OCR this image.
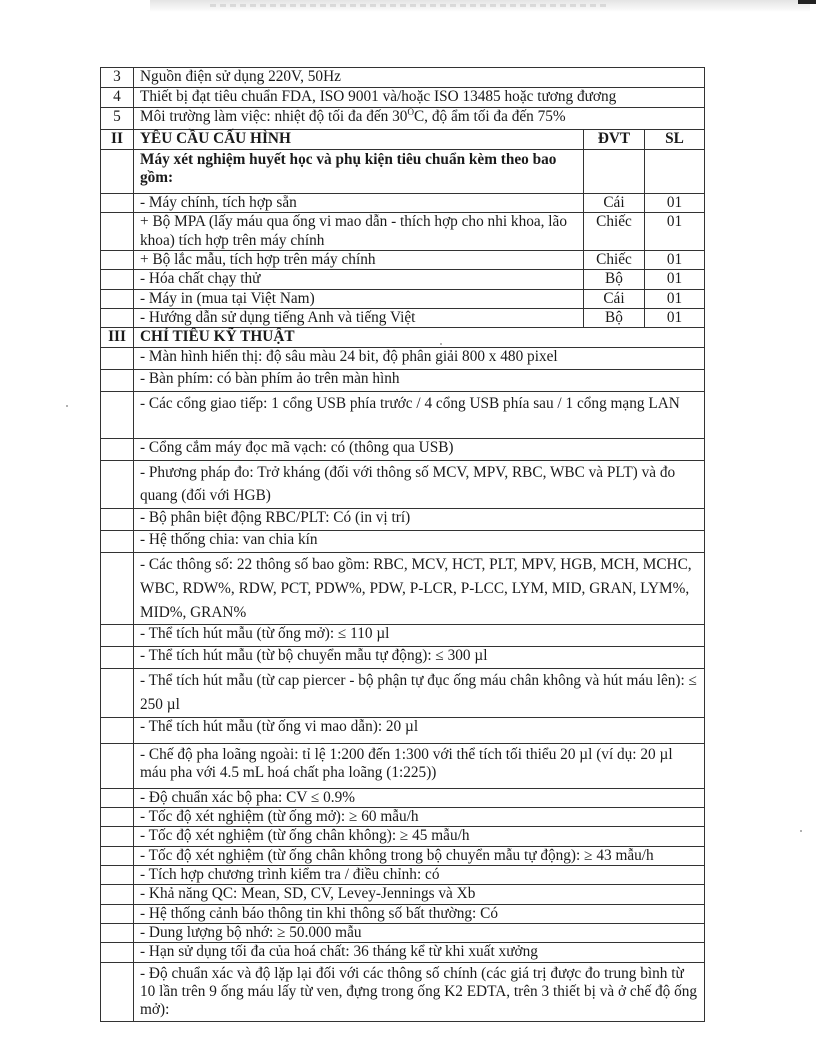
3	Nguồn điện sử dụng 220V, 50Hz		
4	Thiết bị đạt tiêu chuẩn FDA, ISO 9001 và/hoặc ISO 13485 hoặc tương đương		
5	Môi trường làm việc: nhiệt độ tối đa đến $30^OC$, độ ẩm tối đa đến 75%		
II	YÊU CẦU CẤU HÌNH	ĐVT	SL
	Máy xét nghiệm huyết học và phụ kiện tiêu chuẩn kèm theo bao gồm:		
	- Máy chính, tích hợp sẵn	Cái	01
	+ Bộ MPA (lấy máu qua ống vi mao dẫn - thích hợp cho nhi khoa, lão khoa) tích hợp trên máy chính	Chiếc	01
	+ Bộ lắc mẫu, tích hợp trên máy chính	Chiếc	01
	- Hóa chất chạy thử	Bộ	01
	- Máy in (mua tại Việt Nam)	Cái	01
	- Hướng dẫn sử dụng tiếng Anh và tiếng Việt	Bộ	01
III	CHỈ TIÊU KỸ THUẬT		
	- Màn hình hiển thị: độ sâu màu 24 bit, độ phân giải 800 x 480 pixel		
	- Bàn phím: có bàn phím ảo trên màn hình		
	- Các cổng giao tiếp: 1 cổng USB phía trước / 4 cổng USB phía sau / 1 cổng mạng LAN		
	- Cổng cắm máy đọc mã vạch: có (thông qua USB)		
	- Phương pháp đo: Trở kháng (đối với thông số MCV, MPV, RBC, WBC và PLT) và đo quang (đối với HGB)		
	- Bộ phân biệt động RBC/PLT: Có (in vị trí)		
	- Hệ thống chia: van chia kín		
	- Các thông số: 22 thông số bao gồm: RBC, MCV, HCT, PLT, MPV, HGB, MCH, MCHC, WBC, RDW%, RDW, PCT, PDW%, PDW, P-LCR, P-LCC, LYM, MID, GRAN, LYM%, MID%, GRAN%		
	- Thể tích hút mẫu (từ ống mở): ≤ 110 µl		
	- Thể tích hút mẫu (từ bộ chuyển mẫu tự động): ≤ 300 µl		
	- Thể tích hút mẫu (từ cap piercer - bộ phận tự đục ống máu chân không và hút máu lên): ≤ 250 µl		
	- Thể tích hút mẫu (từ ống vi mao dẫn): 20 µl		
	- Chế độ pha loãng ngoài: tỉ lệ 1:200 đến 1:300 với thể tích tối thiểu 20 µl (ví dụ: 20 µl máu pha với 4.5 mL hoá chất pha loãng (1:225))		
	- Độ chuẩn xác bộ pha: CV ≤ 0.9%		
	- Tốc độ xét nghiệm (từ ống mở): ≥ 60 mẫu/h		
	- Tốc độ xét nghiệm (từ ống chân không): ≥ 45 mẫu/h		
	- Tốc độ xét nghiệm (từ ống chân không trong bộ chuyển mẫu tự động): ≥ 43 mẫu/h		
	- Tích hợp chương trình kiểm tra / điều chỉnh: có		
	- Khả năng QC: Mean, SD, CV, Levey-Jennings và Xb		
	- Hệ thống cảnh báo thông tin khi thông số bất thường: Có		
	- Dung lượng bộ nhớ: ≥ 50.000 mẫu		
	- Hạn sử dụng tối đa của hoá chất: 36 tháng kể từ khi xuất xưởng		
	- Độ chuẩn xác và độ lặp lại đối với các thông số chính (các giá trị được đo trung bình từ 10 lần trên 9 ống máu lấy từ ven, đựng trong ống K2 EDTA, trên 3 thiết bị và ở chế độ ống mở):		
